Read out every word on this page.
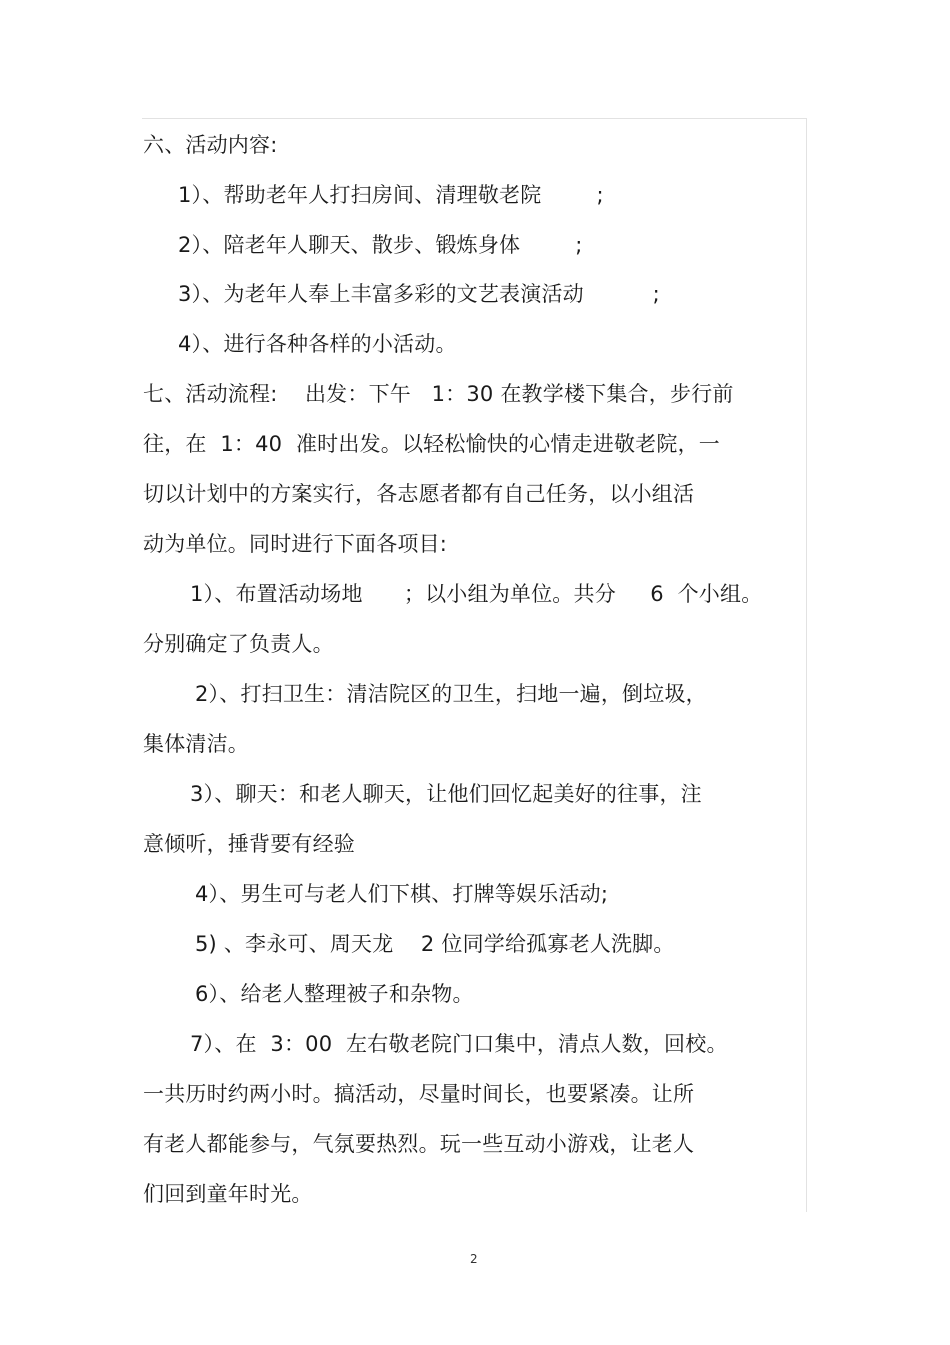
六、活动内容:
1）、帮助老年人打扫房间、清理敬老院        ;
2）、陪老年人聊天、散步、锻炼身体        ;
3）、为老年人奉上丰富多彩的文艺表演活动          ;
4）、进行各种各样的小活动。
七、活动流程:    出发：下午   1：30 在教学楼下集合，步行前
往，在  1：40  准时出发。以轻松愉快的心情走进敬老院，一
切以计划中的方案实行，各志愿者都有自己任务，以小组活
动为单位。同时进行下面各项目:
1）、布置活动场地      ；以小组为单位。共分     6  个小组。
分别确定了负责人。
2）、打扫卫生：清洁院区的卫生，扫地一遍，倒垃圾，
集体清洁。
3）、聊天：和老人聊天，让他们回忆起美好的往事，注
意倾听，捶背要有经验
4）、男生可与老人们下棋、打牌等娱乐活动;
5) 、李永可、周天龙    2 位同学给孤寡老人洗脚。
6）、给老人整理被子和杂物。
7）、在  3：00  左右敬老院门口集中，清点人数，回校。
一共历时约两小时。搞活动，尽量时间长，也要紧凑。让所
有老人都能参与，气氛要热烈。玩一些互动小游戏，让老人
们回到童年时光。
2
